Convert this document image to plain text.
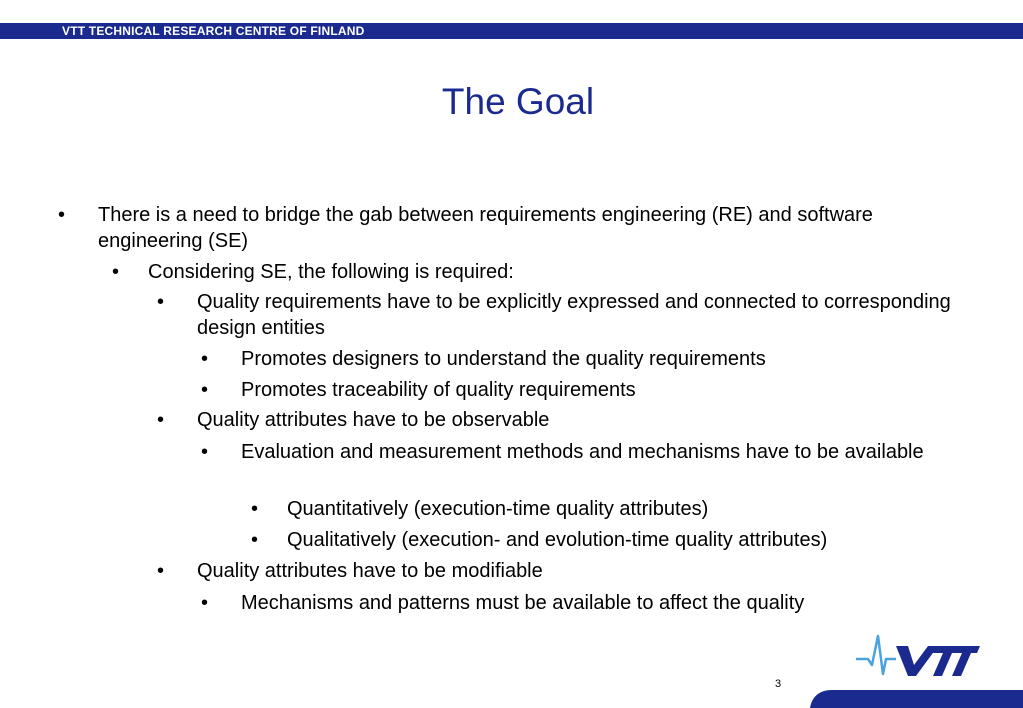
VTT TECHNICAL RESEARCH CENTRE OF FINLAND
The Goal
• There is a need to bridge the gab between requirements engineering (RE) and software engineering (SE)
• Considering SE, the following is required:
• Quality requirements have to be explicitly expressed and connected to corresponding design entities
• Promotes designers to understand the quality requirements
• Promotes traceability of quality requirements
• Quality attributes have to be observable
• Evaluation and measurement methods and mechanisms have to be available
• Quantitatively (execution-time quality attributes)
• Qualitatively (execution- and evolution-time quality attributes)
• Quality attributes have to be modifiable
• Mechanisms and patterns must be available to affect the quality
3
